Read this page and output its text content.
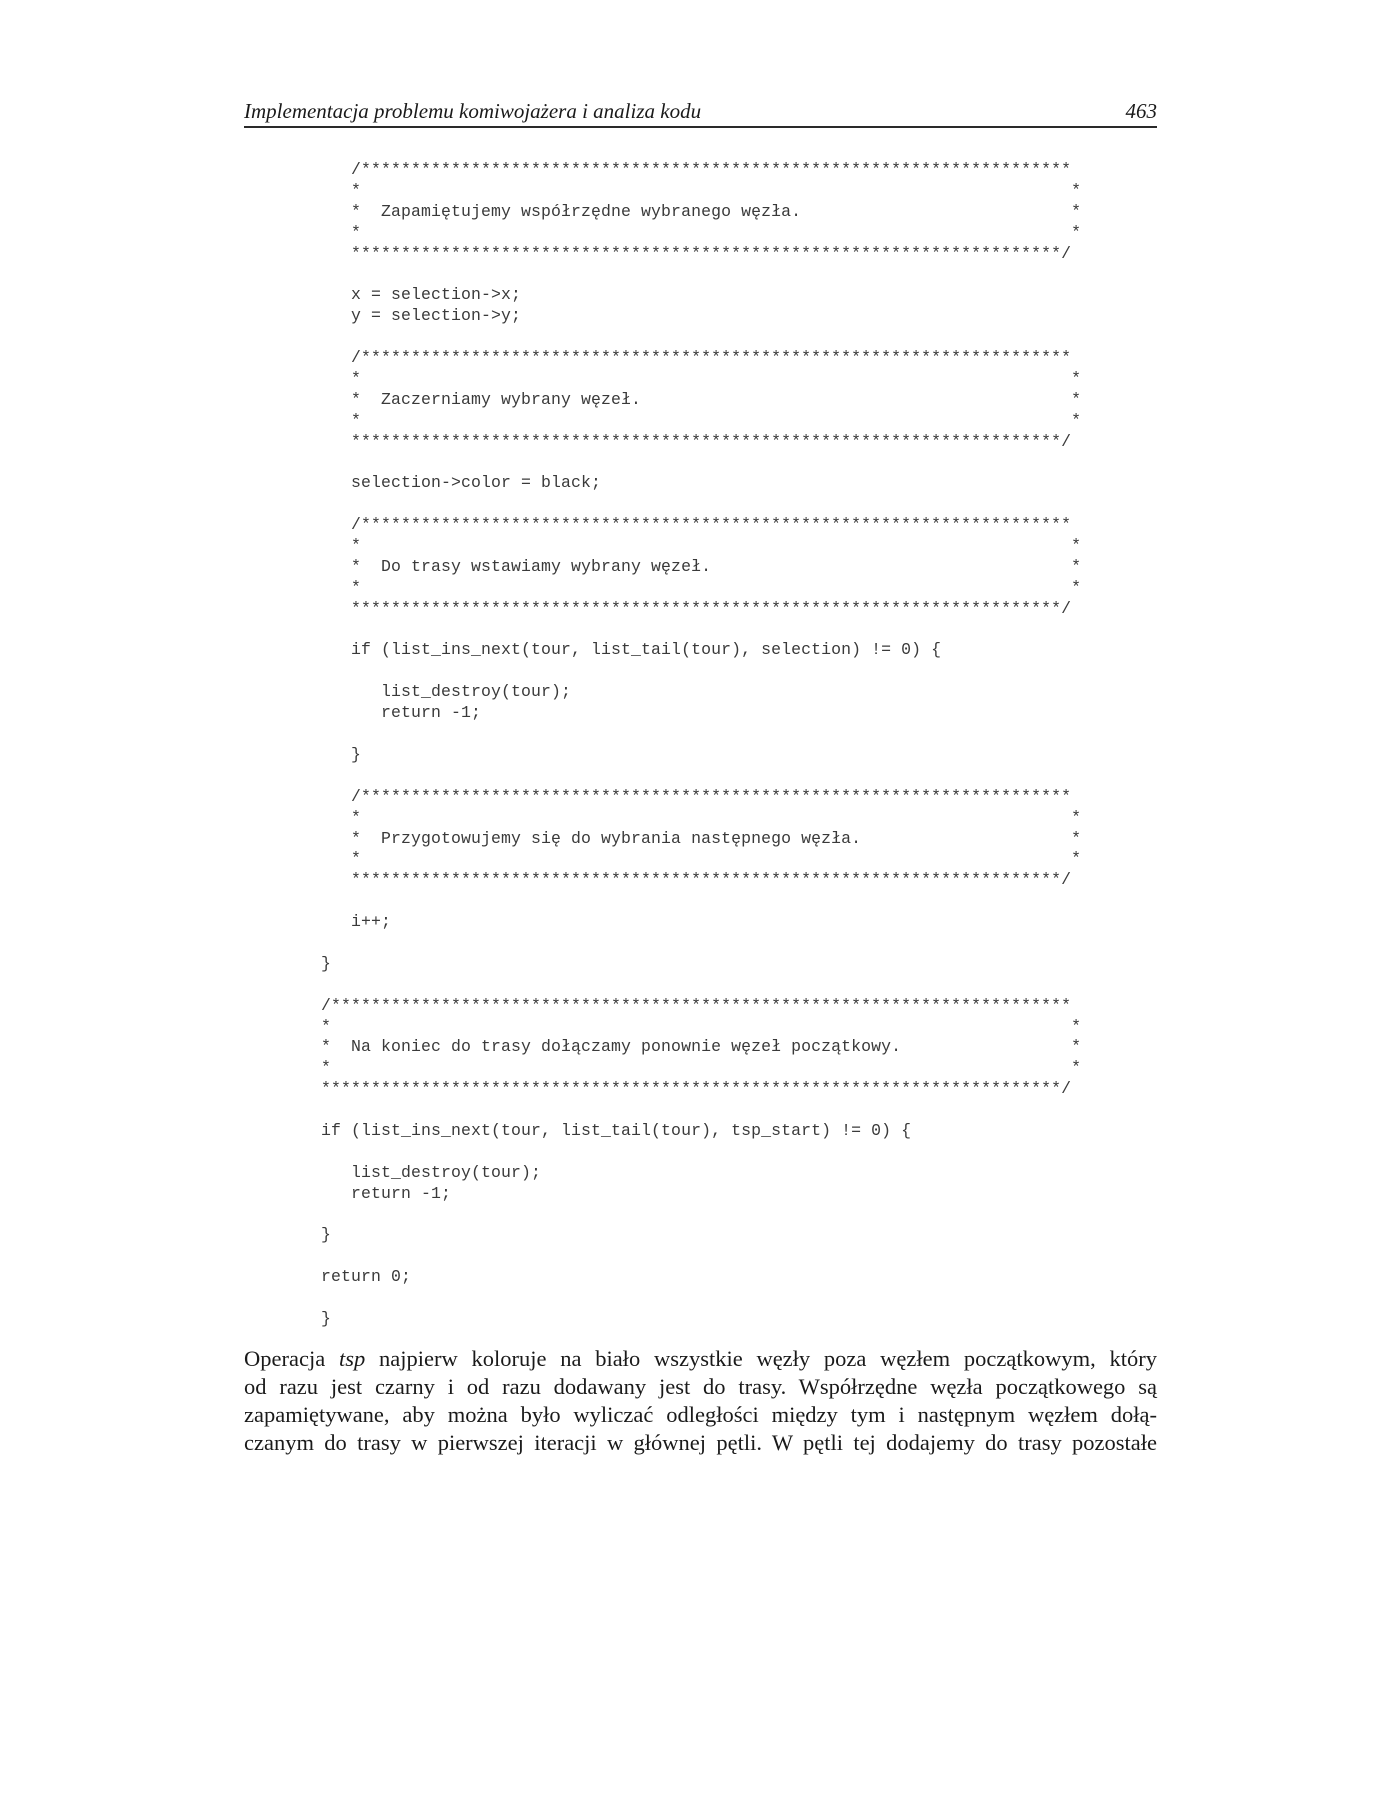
Implementacja problemu komiwojażera i analiza kodu	463
/***********************************************************************
*                                                                       *
*  Zapamiętujemy współrzędne wybranego węzła.                           *
*                                                                       *
***********************************************************************/
x = selection->x;
y = selection->y;
/***********************************************************************
*                                                                       *
*  Zaczerniamy wybrany węzeł.                                           *
*                                                                       *
***********************************************************************/
selection->color = black;
/***********************************************************************
*                                                                       *
*  Do trasy wstawiamy wybrany węzeł.                                    *
*                                                                       *
***********************************************************************/
if (list_ins_next(tour, list_tail(tour), selection) != 0) {
list_destroy(tour);
return -1;
}
/***********************************************************************
*                                                                       *
*  Przygotowujemy się do wybrania następnego węzła.                     *
*                                                                       *
***********************************************************************/
i++;
}
/**************************************************************************
*                                                                          *
*  Na koniec do trasy dołączamy ponownie węzeł początkowy.                 *
*                                                                          *
**************************************************************************/
if (list_ins_next(tour, list_tail(tour), tsp_start) != 0) {
list_destroy(tour);
return -1;
}
return 0;
}
Operacja tsp najpierw koloruje na biało wszystkie węzły poza węzłem początkowym, który
od razu jest czarny i od razu dodawany jest do trasy. Współrzędne węzła początkowego są
zapamiętywane, aby można było wyliczać odległości między tym i następnym węzłem dołą-
czanym do trasy w pierwszej iteracji w głównej pętli. W pętli tej dodajemy do trasy pozostałe
